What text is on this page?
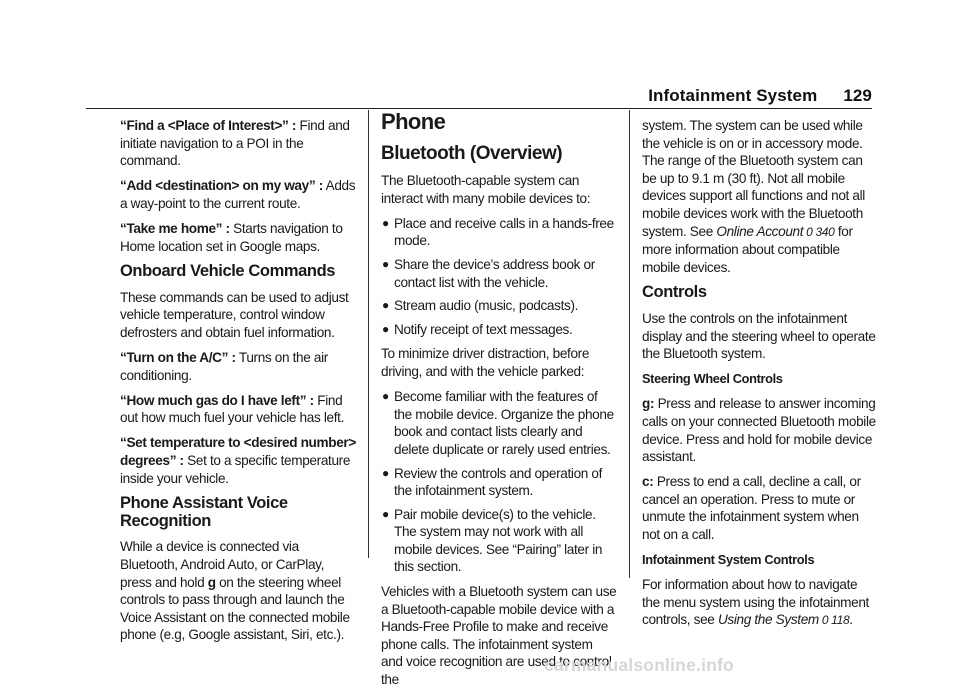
Infotainment System 129

“Find a <Place of Interest>” : Find and initiate navigation to a POI in the command.

“Add <destination> on my way” : Adds a way-point to the current route.

“Take me home” : Starts navigation to Home location set in Google maps.

Onboard Vehicle Commands

These commands can be used to adjust vehicle temperature, control window defrosters and obtain fuel information.

“Turn on the A/C” : Turns on the air conditioning.

“How much gas do I have left” : Find out how much fuel your vehicle has left.

“Set temperature to <desired number> degrees” : Set to a specific temperature inside your vehicle.

Phone Assistant Voice Recognition

While a device is connected via Bluetooth, Android Auto, or CarPlay, press and hold g on the steering wheel controls to pass through and launch the Voice Assistant on the connected mobile phone (e.g, Google assistant, Siri, etc.).

Phone
Bluetooth (Overview)

The Bluetooth-capable system can interact with many mobile devices to:

● Place and receive calls in a hands-free mode.
● Share the device’s address book or contact list with the vehicle.
● Stream audio (music, podcasts).
● Notify receipt of text messages.

To minimize driver distraction, before driving, and with the vehicle parked:

● Become familiar with the features of the mobile device. Organize the phone book and contact lists clearly and delete duplicate or rarely used entries.
● Review the controls and operation of the infotainment system.
● Pair mobile device(s) to the vehicle. The system may not work with all mobile devices. See “Pairing” later in this section.

Vehicles with a Bluetooth system can use a Bluetooth-capable mobile device with a Hands-Free Profile to make and receive phone calls. The infotainment system and voice recognition are used to control the

system. The system can be used while the vehicle is on or in accessory mode. The range of the Bluetooth system can be up to 9.1 m (30 ft). Not all mobile devices support all functions and not all mobile devices work with the Bluetooth system. See Online Account 0 340 for more information about compatible mobile devices.

Controls

Use the controls on the infotainment display and the steering wheel to operate the Bluetooth system.

Steering Wheel Controls

g: Press and release to answer incoming calls on your connected Bluetooth mobile device. Press and hold for mobile device assistant.

c: Press to end a call, decline a call, or cancel an operation. Press to mute or unmute the infotainment system when not on a call.

Infotainment System Controls

For information about how to navigate the menu system using the infotainment controls, see Using the System 0 118.

carmanualsonline.info
